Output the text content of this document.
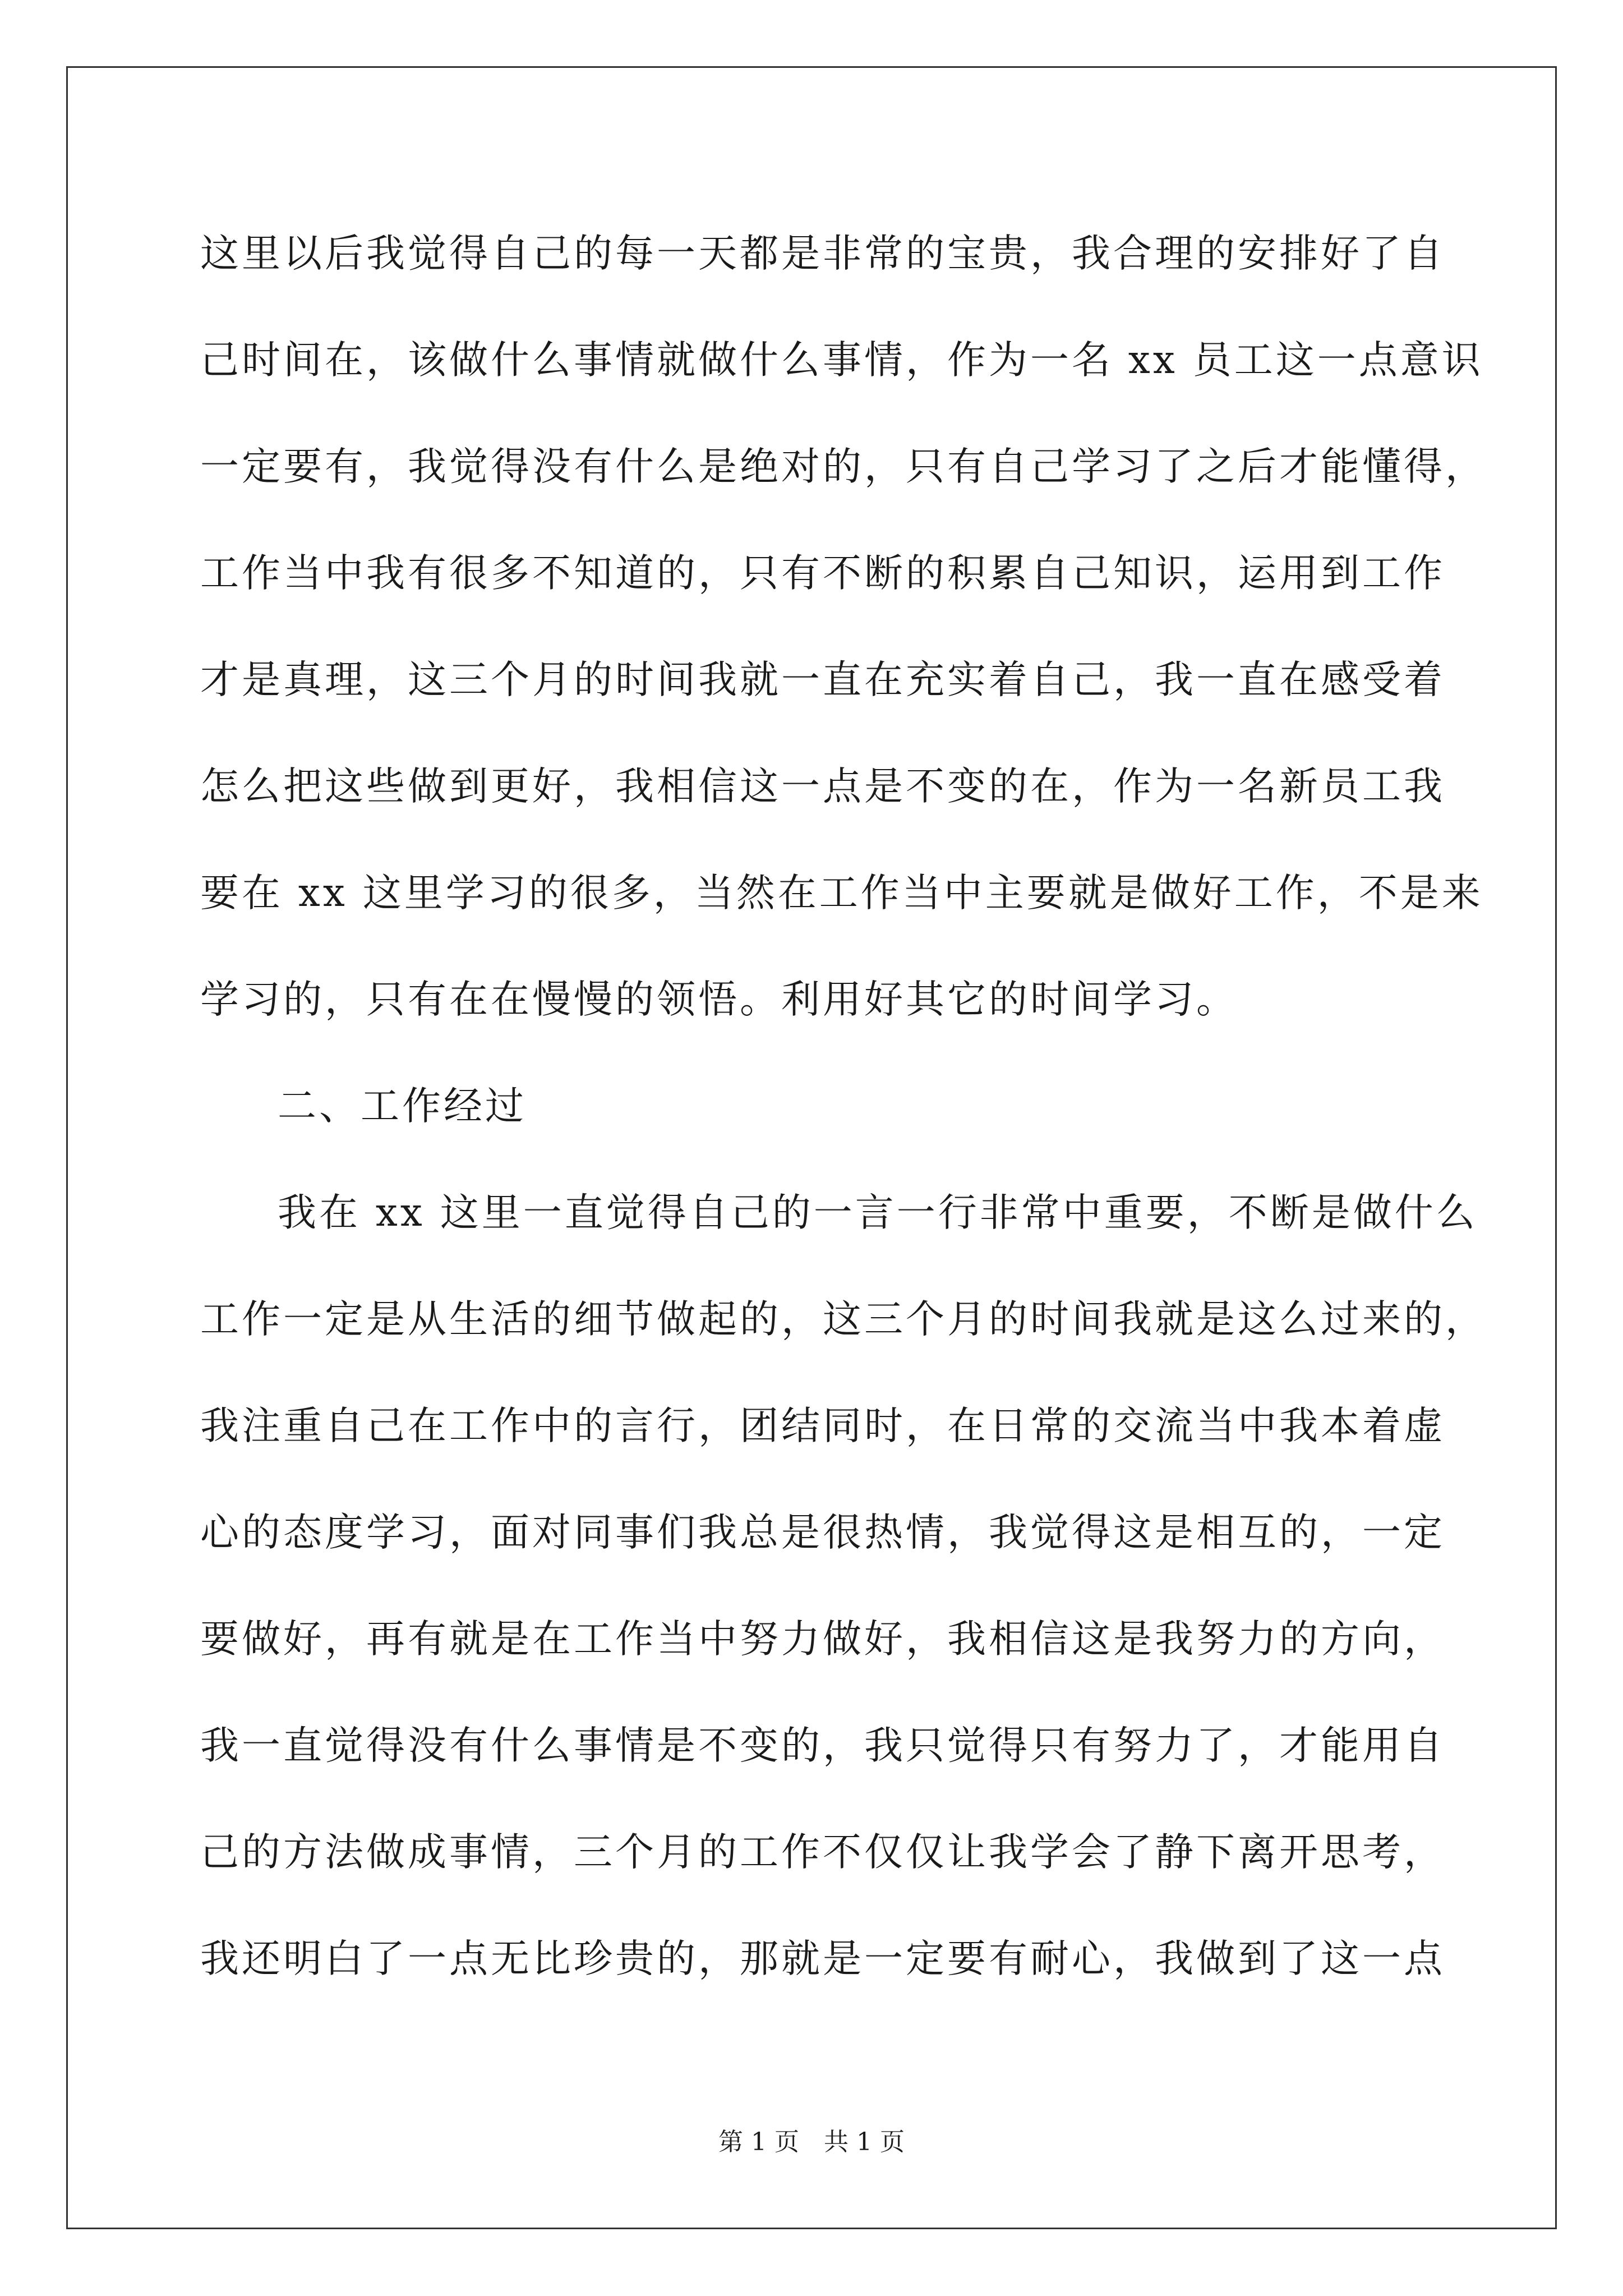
这里以后我觉得自己的每一天都是非常的宝贵，我合理的安排好了自
己时间在，该做什么事情就做什么事情，作为一名 xx 员工这一点意识
一定要有，我觉得没有什么是绝对的，只有自己学习了之后才能懂得，
工作当中我有很多不知道的，只有不断的积累自己知识，运用到工作
才是真理，这三个月的时间我就一直在充实着自己，我一直在感受着
怎么把这些做到更好，我相信这一点是不变的在，作为一名新员工我
要在 xx 这里学习的很多，当然在工作当中主要就是做好工作，不是来
学习的，只有在在慢慢的领悟。利用好其它的时间学习。
二、工作经过
我在 xx 这里一直觉得自己的一言一行非常中重要，不断是做什么
工作一定是从生活的细节做起的，这三个月的时间我就是这么过来的，
我注重自己在工作中的言行，团结同时，在日常的交流当中我本着虚
心的态度学习，面对同事们我总是很热情，我觉得这是相互的，一定
要做好，再有就是在工作当中努力做好，我相信这是我努力的方向，
我一直觉得没有什么事情是不变的，我只觉得只有努力了，才能用自
己的方法做成事情，三个月的工作不仅仅让我学会了静下离开思考，
我还明白了一点无比珍贵的，那就是一定要有耐心，我做到了这一点
第 1 页　共 1 页
